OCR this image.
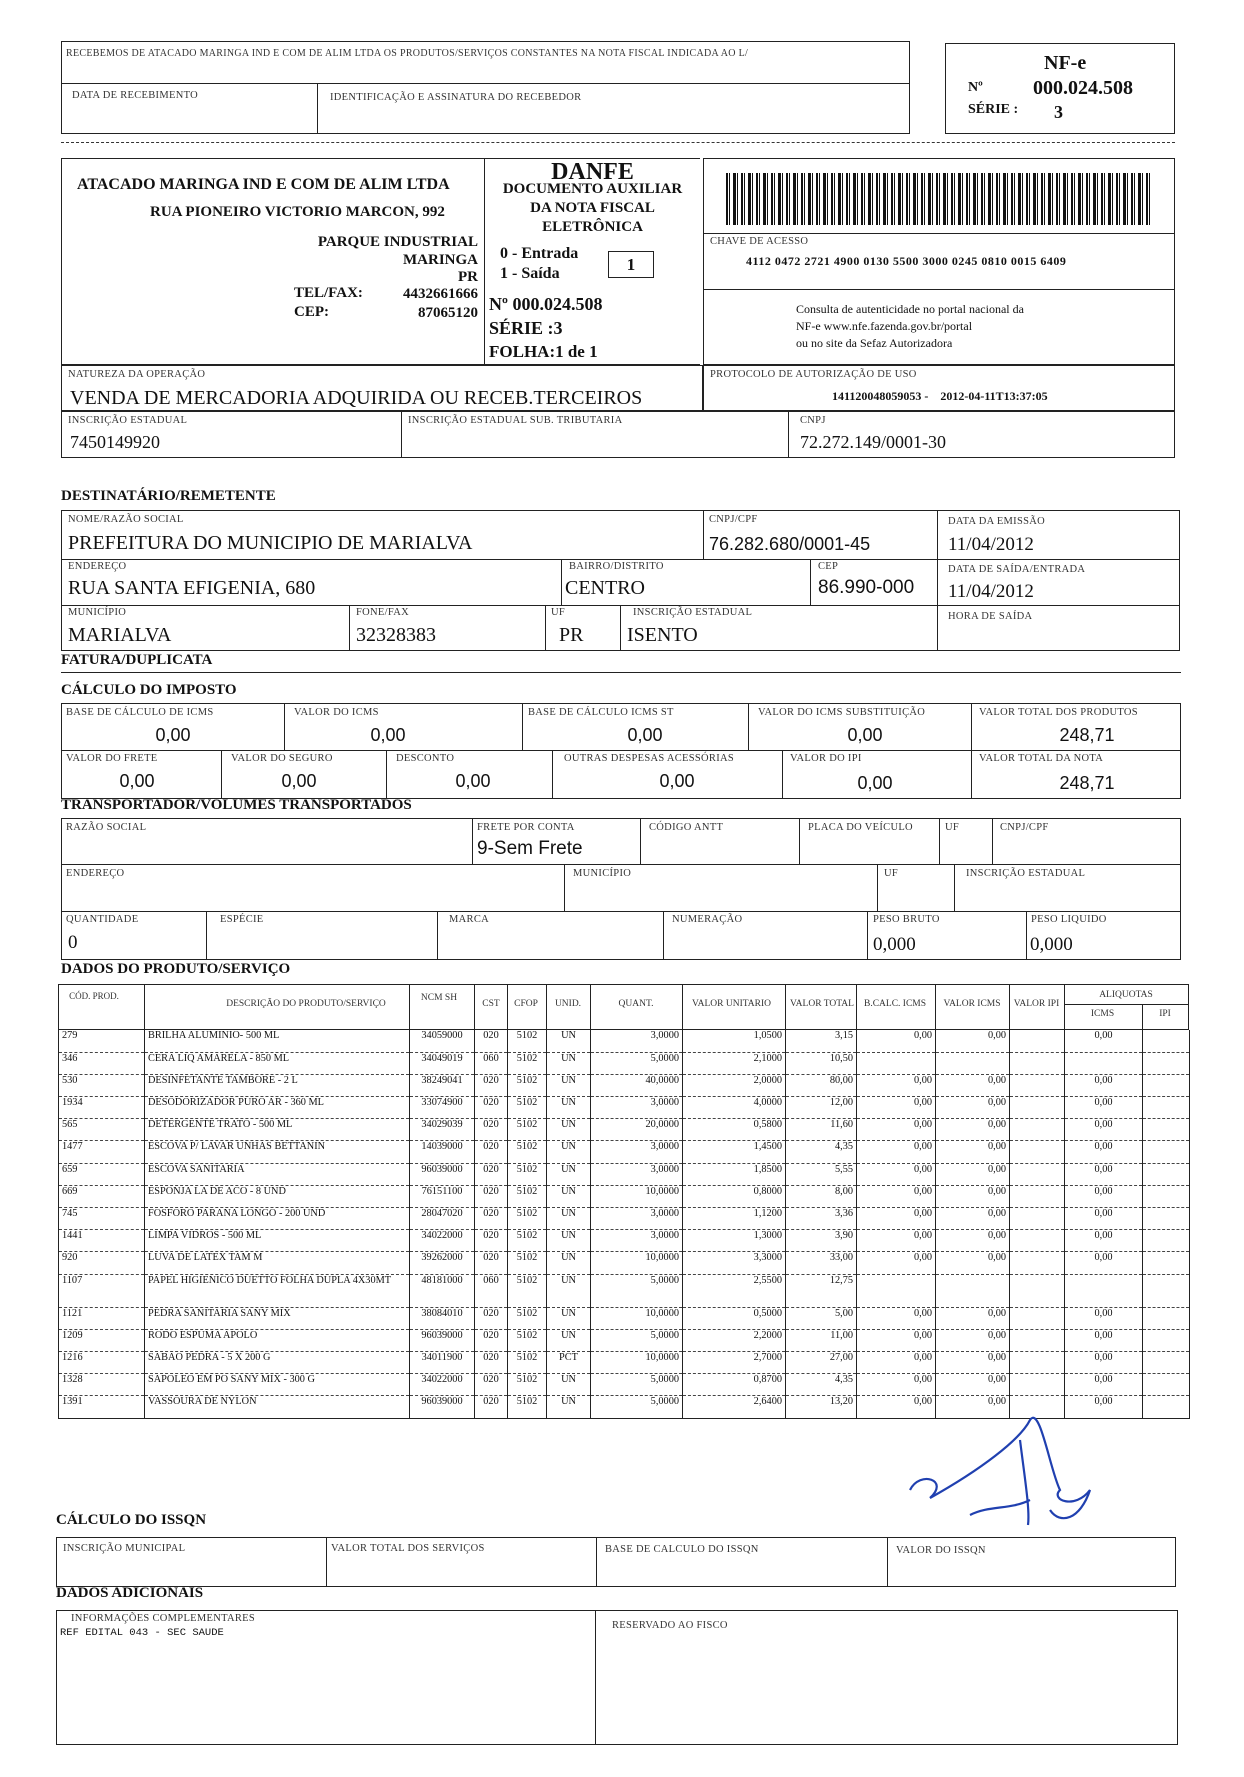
RECEBEMOS DE ATACADO MARINGA IND E COM DE ALIM LTDA OS PRODUTOS/SERVIÇOS CONSTANTES NA NOTA FISCAL INDICADA AO L/
DATA DE RECEBIMENTO	IDENTIFICAÇÃO E ASSINATURA DO RECEBEDOR
NF-e
Nº	000.024.508
SÉRIE : 3
ATACADO MARINGA IND E COM DE ALIM LTDA
RUA PIONEIRO VICTORIO MARCON, 992
PARQUE INDUSTRIAL
MARINGA
PR
TEL/FAX:	4432661666
CEP:	87065120
DANFE
DOCUMENTO AUXILIAR
DA NOTA FISCAL
ELETRÔNICA
0 - Entrada
1 - Saída	1
Nº 000.024.508
SÉRIE :3
FOLHA:1 de 1
CHAVE DE ACESSO
4112 0472 2721 4900 0130 5500 3000 0245 0810 0015 6409
Consulta de autenticidade no portal nacional da
NF-e www.nfe.fazenda.gov.br/portal
ou no site da Sefaz Autorizadora
NATUREZA DA OPERAÇÃO
VENDA DE MERCADORIA ADQUIRIDA OU RECEB.TERCEIROS
PROTOCOLO DE AUTORIZAÇÃO DE USO
141120048059053 -    2012-04-11T13:37:05
INSCRIÇÃO ESTADUAL
7450149920
INSCRIÇÃO ESTADUAL SUB. TRIBUTARIA	CNPJ
72.272.149/0001-30
DESTINATÁRIO/REMETENTE
NOME/RAZÃO SOCIAL
PREFEITURA DO MUNICIPIO DE MARIALVA
CNPJ/CPF
76.282.680/0001-45
ENDEREÇO
RUA SANTA EFIGENIA, 680
BAIRRO/DISTRITO
CENTRO
CEP
86.990-000
MUNICÍPIO
MARIALVA
FONE/FAX
32328383
UF
PR
INSCRIÇÃO ESTADUAL
ISENTO
DATA DA EMISSÃO
11/04/2012
DATA DE SAÍDA/ENTRADA
11/04/2012
HORA DE SAÍDA
FATURA/DUPLICATA
CÁLCULO DO IMPOSTO
BASE DE CÁLCULO DE ICMS
0,00
VALOR DO ICMS
0,00
BASE DE CÁLCULO ICMS ST
0,00
VALOR DO ICMS SUBSTITUIÇÃO
0,00
VALOR TOTAL DOS PRODUTOS
248,71
VALOR DO FRETE
0,00
VALOR DO SEGURO
0,00
DESCONTO
0,00
OUTRAS DESPESAS ACESSÓRIAS
0,00
VALOR DO IPI
0,00
VALOR TOTAL DA NOTA
248,71
TRANSPORTADOR/VOLUMES TRANSPORTADOS
RAZÃO SOCIAL	FRETE POR CONTA
9-Sem Frete
CÓDIGO ANTT	PLACA DO VEÍCULO	UF	CNPJ/CPF
ENDEREÇO	MUNICÍPIO	UF	INSCRIÇÃO ESTADUAL
QUANTIDADE
0
ESPÉCIE	MARCA	NUMERAÇÃO	PESO BRUTO
0,000
PESO LIQUIDO
0,000
DADOS DO PRODUTO/SERVIÇO
CÓD. PROD.
DESCRIÇÃO DO PRODUTO/SERVIÇO
NCM SH
CST	CFOP	UNID.	QUANT.	VALOR UNITARIO	VALOR TOTAL	B.CALC. ICMS	VALOR ICMS	VALOR IPI
ALIQUOTAS
ICMS	IPI
279	BRILHA ALUMINIO- 500 ML	34059000	020	5102	UN	3,0000	1,0500	3,15	0,00	0,00		0,00	
346	CERA LIQ AMARELA - 850 ML	34049019	060	5102	UN	5,0000	2,1000	10,50					
530	DESINFETANTE TAMBORE - 2 L	38249041	020	5102	UN	40,0000	2,0000	80,00	0,00	0,00		0,00	
1934	DESODORIZADOR PURO AR - 360 ML	33074900	020	5102	UN	3,0000	4,0000	12,00	0,00	0,00		0,00	
565	DETERGENTE TRATO - 500 ML	34029039	020	5102	UN	20,0000	0,5800	11,60	0,00	0,00		0,00	
1477	ESCOVA P/ LAVAR UNHAS BETTANIN	14039000	020	5102	UN	3,0000	1,4500	4,35	0,00	0,00		0,00	
659	ESCOVA SANITARIA	96039000	020	5102	UN	3,0000	1,8500	5,55	0,00	0,00		0,00	
669	ESPONJA LA DE ACO - 8 UND	76151100	020	5102	UN	10,0000	0,8000	8,00	0,00	0,00		0,00	
745	FOSFORO PARANA LONGO - 200 UND	28047020	020	5102	UN	3,0000	1,1200	3,36	0,00	0,00		0,00	
1441	LIMPA VIDROS - 500 ML	34022000	020	5102	UN	3,0000	1,3000	3,90	0,00	0,00		0,00	
920	LUVA DE LATEX TAM M	39262000	020	5102	UN	10,0000	3,3000	33,00	0,00	0,00		0,00	
1107	PAPEL HIGIENICO DUETTO FOLHA DUPLA 4X30MT	48181000	060	5102	UN	5,0000	2,5500	12,75					
1121	PEDRA SANITARIA SANY MIX	38084010	020	5102	UN	10,0000	0,5000	5,00	0,00	0,00		0,00	
1209	RODO ESPUMA APOLO	96039000	020	5102	UN	5,0000	2,2000	11,00	0,00	0,00		0,00	
1216	SABAO PEDRA - 5 X 200 G	34011900	020	5102	PCT	10,0000	2,7000	27,00	0,00	0,00		0,00	
1328	SAPOLEO EM PO SANY MIX - 300 G	34022000	020	5102	UN	5,0000	0,8700	4,35	0,00	0,00		0,00	
1391	VASSOURA DE NYLON	96039000	020	5102	UN	5,0000	2,6400	13,20	0,00	0,00		0,00	
CÁLCULO DO ISSQN
INSCRIÇÃO MUNICIPAL	VALOR TOTAL DOS SERVIÇOS	BASE DE CALCULO DO ISSQN	VALOR DO ISSQN
DADOS ADICIONAIS
INFORMAÇÕES COMPLEMENTARES
REF EDITAL 043 - SEC SAUDE
RESERVADO AO FISCO
